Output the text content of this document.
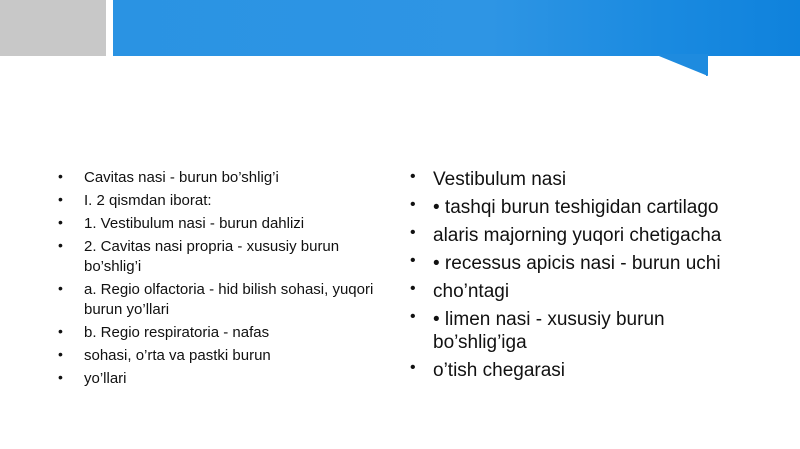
• Cavitas nasi - burun bo’shlig’i
• I. 2 qismdan iborat:
• 1. Vestibulum nasi - burun dahlizi
• 2. Cavitas nasi propria - xususiy burun bo’shlig’i
• a. Regio olfactoria - hid bilish sohasi, yuqori burun yo’llari
• b. Regio respiratoria - nafas
• sohasi, o’rta va pastki burun
• yo’llari
• Vestibulum nasi
• • tashqi burun teshigidan cartilago
• alaris majorning yuqori chetigacha
• • recessus apicis nasi - burun uchi
• cho’ntagi
• • limen nasi - xususiy burun bo’shlig’iga
• o’tish chegarasi
